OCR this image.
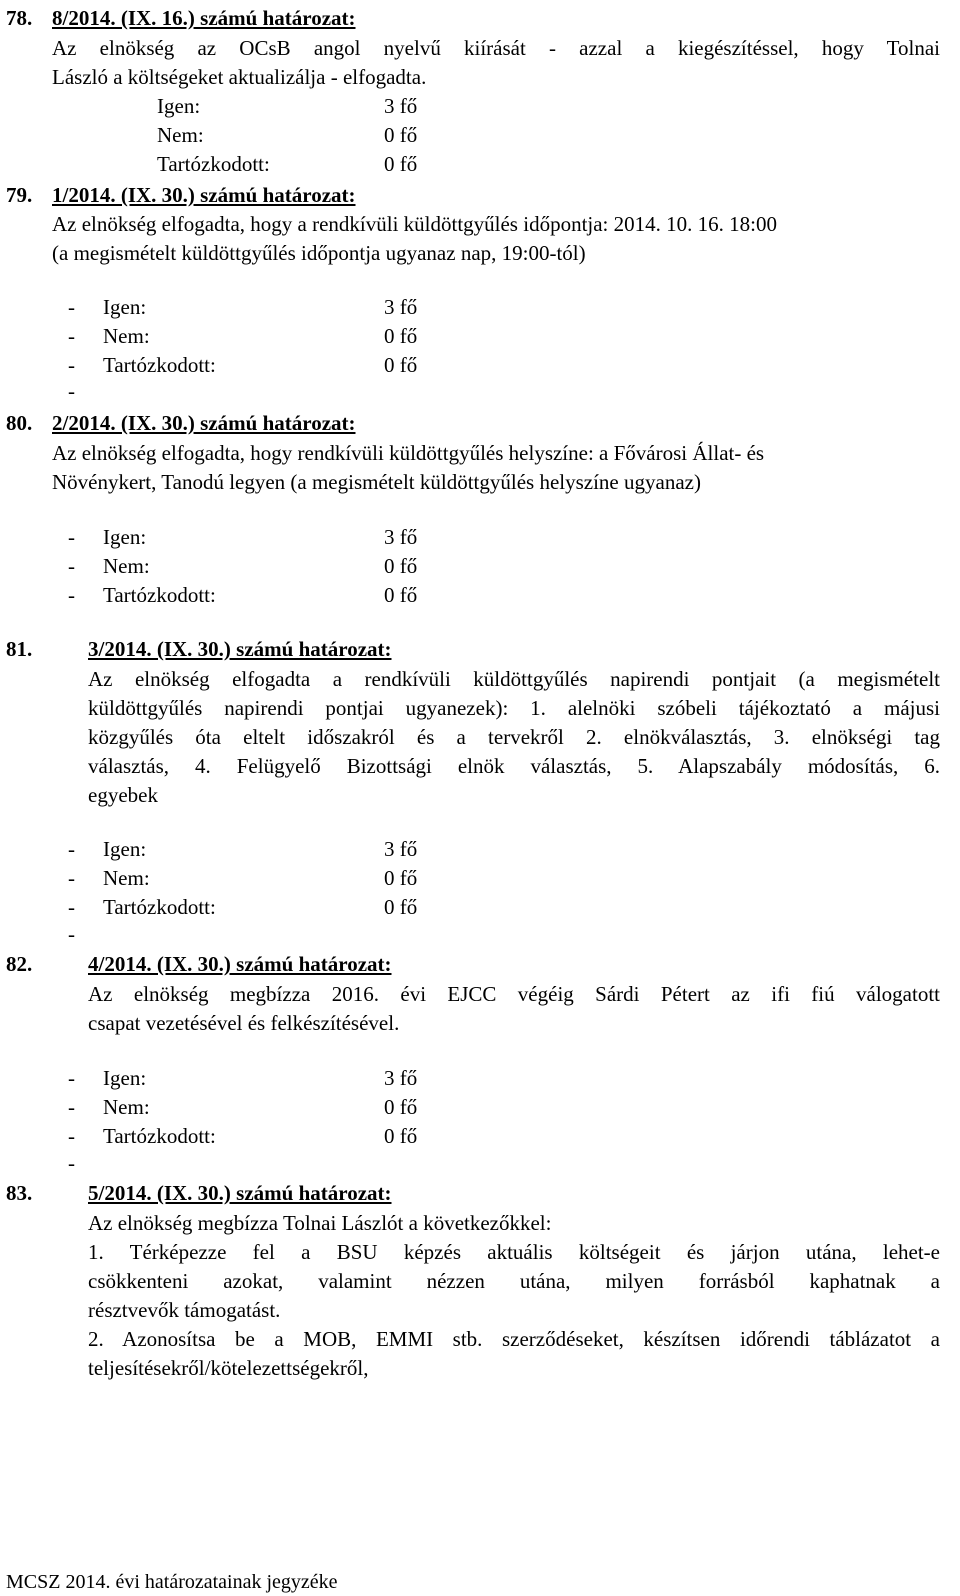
78. 8/2014. (IX. 16.) számú határozat:
Az elnökség az OCsB angol nyelvű kiírását - azzal a kiegészítéssel, hogy Tolnai
László a költségeket aktualizálja - elfogadta.
Igen:	3 fő
Nem:	0 fő
Tartózkodott:	0 fő
79. 1/2014. (IX. 30.) számú határozat:
Az elnökség elfogadta, hogy a rendkívüli küldöttgyűlés időpontja: 2014. 10. 16. 18:00
(a megismételt küldöttgyűlés időpontja ugyanaz nap, 19:00-tól)
- Igen:	3 fő
- Nem:	0 fő
- Tartózkodott:	0 fő
-
80. 2/2014. (IX. 30.) számú határozat:
Az elnökség elfogadta, hogy rendkívüli küldöttgyűlés helyszíne: a Fővárosi Állat- és
Növénykert, Tanodú legyen (a megismételt küldöttgyűlés helyszíne ugyanaz)
- Igen:	3 fő
- Nem:	0 fő
- Tartózkodott:	0 fő
81.	3/2014. (IX. 30.) számú határozat:
Az elnökség elfogadta a rendkívüli küldöttgyűlés napirendi pontjait (a megismételt
küldöttgyűlés napirendi pontjai ugyanezek): 1. alelnöki szóbeli tájékoztató a májusi
közgyűlés óta eltelt időszakról és a tervekről 2. elnökválasztás, 3. elnökségi tag
választás, 4. Felügyelő Bizottsági elnök választás, 5. Alapszabály módosítás, 6.
egyebek
- Igen:	3 fő
- Nem:	0 fő
- Tartózkodott:	0 fő
-
82.	4/2014. (IX. 30.) számú határozat:
Az elnökség megbízza 2016. évi EJCC végéig Sárdi Pétert az ifi fiú válogatott
csapat vezetésével és felkészítésével.
- Igen:	3 fő
- Nem:	0 fő
- Tartózkodott:	0 fő
-
83.	5/2014. (IX. 30.) számú határozat:
Az elnökség megbízza Tolnai Lászlót a következőkkel:
1. Térképezze fel a BSU képzés aktuális költségeit és járjon utána, lehet-e
csökkenteni azokat, valamint nézzen utána, milyen forrásból kaphatnak a
résztvevők támogatást.
2. Azonosítsa be a MOB, EMMI stb. szerződéseket, készítsen időrendi táblázatot a
teljesítésekről/kötelezettségekről,
MCSZ 2014. évi határozatainak jegyzéke
